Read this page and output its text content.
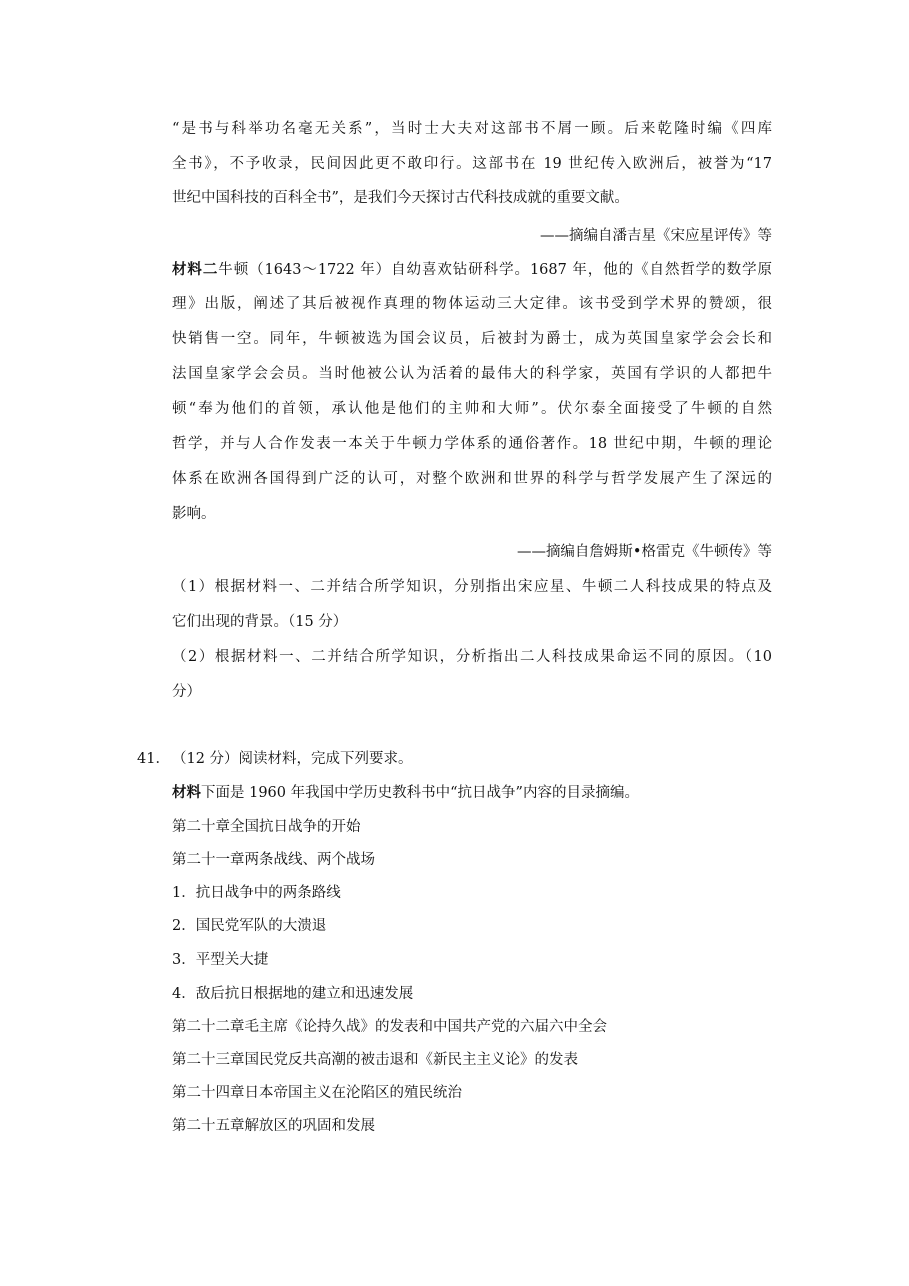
“是书与科举功名毫无关系”，当时士大夫对这部书不屑一顾。后来乾隆时编《四库
全书》，不予收录，民间因此更不敢印行。这部书在 19 世纪传入欧洲后，被誉为“17
世纪中国科技的百科全书”，是我们今天探讨古代科技成就的重要文献。
——摘编自潘吉星《宋应星评传》等
材料二牛顿（1643～1722 年）自幼喜欢钻研科学。1687 年，他的《自然哲学的数学原
理》出版，阐述了其后被视作真理的物体运动三大定律。该书受到学术界的赞颂，很
快销售一空。同年，牛顿被选为国会议员，后被封为爵士，成为英国皇家学会会长和
法国皇家学会会员。当时他被公认为活着的最伟大的科学家，英国有学识的人都把牛
顿“奉为他们的首领，承认他是他们的主帅和大师”。伏尔泰全面接受了牛顿的自然
哲学，并与人合作发表一本关于牛顿力学体系的通俗著作。18 世纪中期，牛顿的理论
体系在欧洲各国得到广泛的认可，对整个欧洲和世界的科学与哲学发展产生了深远的
影响。
——摘编自詹姆斯•格雷克《牛顿传》等
（1）根据材料一、二并结合所学知识，分别指出宋应星、牛顿二人科技成果的特点及
它们出现的背景。（15 分）
（2）根据材料一、二并结合所学知识，分析指出二人科技成果命运不同的原因。（10
分）
41． （12 分）阅读材料，完成下列要求。
材料下面是 1960 年我国中学历史教科书中“抗日战争”内容的目录摘编。
第二十章全国抗日战争的开始
第二十一章两条战线、两个战场
1．抗日战争中的两条路线
2．国民党军队的大溃退
3．平型关大捷
4．敌后抗日根据地的建立和迅速发展
第二十二章毛主席《论持久战》的发表和中国共产党的六届六中全会
第二十三章国民党反共高潮的被击退和《新民主主义论》的发表
第二十四章日本帝国主义在沦陷区的殖民统治
第二十五章解放区的巩固和发展
